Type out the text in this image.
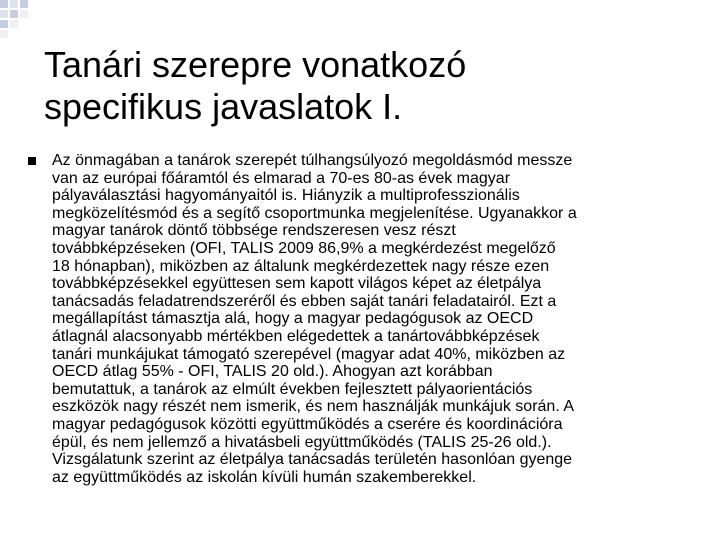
Tanári szerepre vonatkozó
specifikus javaslatok I.

Az önmagában a tanárok szerepét túlhangsúlyozó megoldásmód messze
van az európai főáramtól és elmarad a 70-es 80-as évek magyar
pályaválasztási hagyományaitól is. Hiányzik a multiprofesszionális
megközelítésmód és a segítő csoportmunka megjelenítése. Ugyanakkor a
magyar tanárok döntő többsége rendszeresen vesz részt
továbbképzéseken (OFI, TALIS 2009 86,9% a megkérdezést megelőző
18 hónapban), miközben az általunk megkérdezettek nagy része ezen
továbbképzésekkel együttesen sem kapott világos képet az életpálya
tanácsadás feladatrendszeréről és ebben saját tanári feladatairól. Ezt a
megállapítást támasztja alá, hogy a magyar pedagógusok az OECD
átlagnál alacsonyabb mértékben elégedettek a tanártovábbképzések
tanári munkájukat támogató szerepével (magyar adat 40%, miközben az
OECD átlag 55% - OFI, TALIS 20 old.). Ahogyan azt korábban
bemutattuk, a tanárok az elmúlt években fejlesztett pályaorientációs
eszközök nagy részét nem ismerik, és nem használják munkájuk során. A
magyar pedagógusok közötti együttműködés a cserére és koordinációra
épül, és nem jellemző a hivatásbeli együttműködés (TALIS 25-26 old.).
Vizsgálatunk szerint az életpálya tanácsadás területén hasonlóan gyenge
az együttműködés az iskolán kívüli humán szakemberekkel.
